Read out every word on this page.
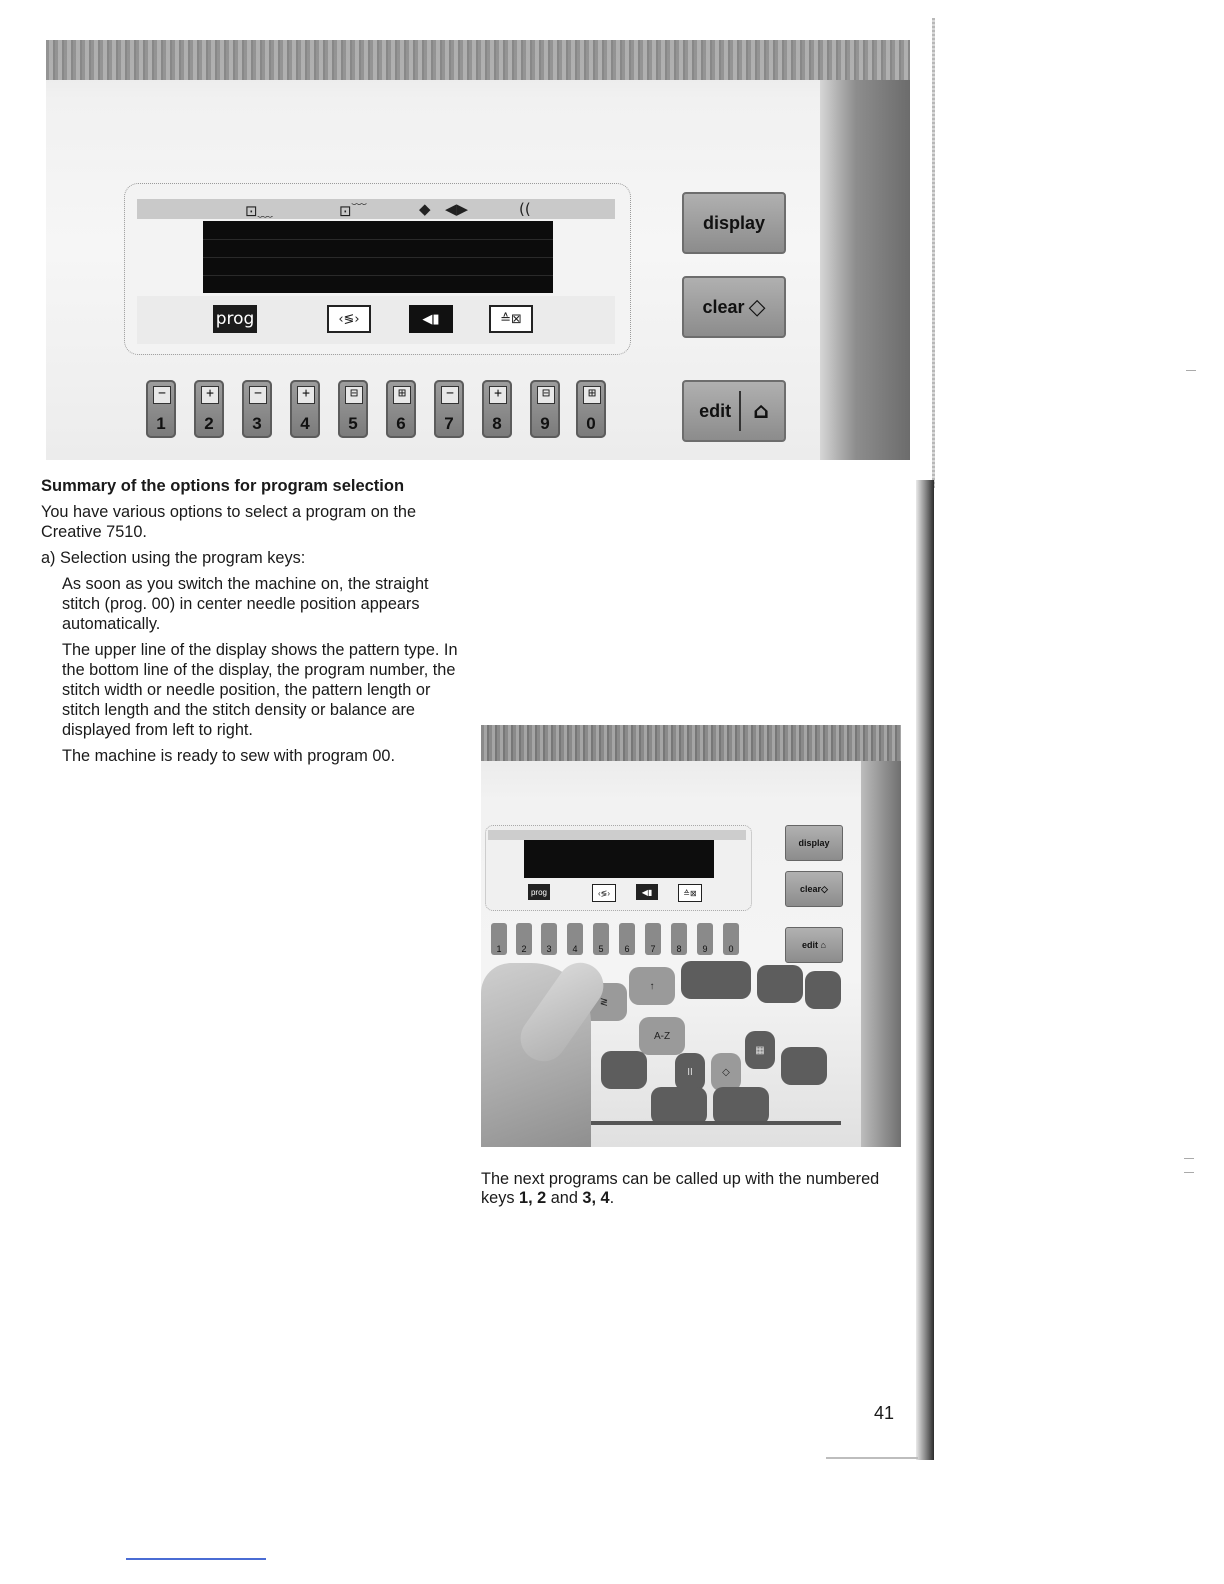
⊡﹏	⊡﹋	◆ ◀▶	((
prog	‹≶›	◀▮	≙⊠
−
1
+
2
−
3
+
4
⊟
5
⊞
6
−
7
+
8
⊟
9
⊞
0
display
clear ◇
edit ⌂
Summary of the options for program selection

You have various options to select a program on the Creative 7510.

a) Selection using the program keys:

As soon as you switch the machine on, the straight stitch (prog. 00) in center needle position appears automatically.

The upper line of the display shows the pattern type. In the bottom line of the display, the program number, the stitch width or needle position, the pattern length or stitch length and the stitch density or balance are displayed from left to right.

The machine is ready to sew with program 00.

prog	‹≶›	◀▮	≙⊠
1	2	3	4	5	6	7	8	9	0
display
clear◇
edit ⌂
≷
↑
A-Z
II	◇
▦
The next programs can be called up with the numbered keys 1, 2 and 3, 4.
41
